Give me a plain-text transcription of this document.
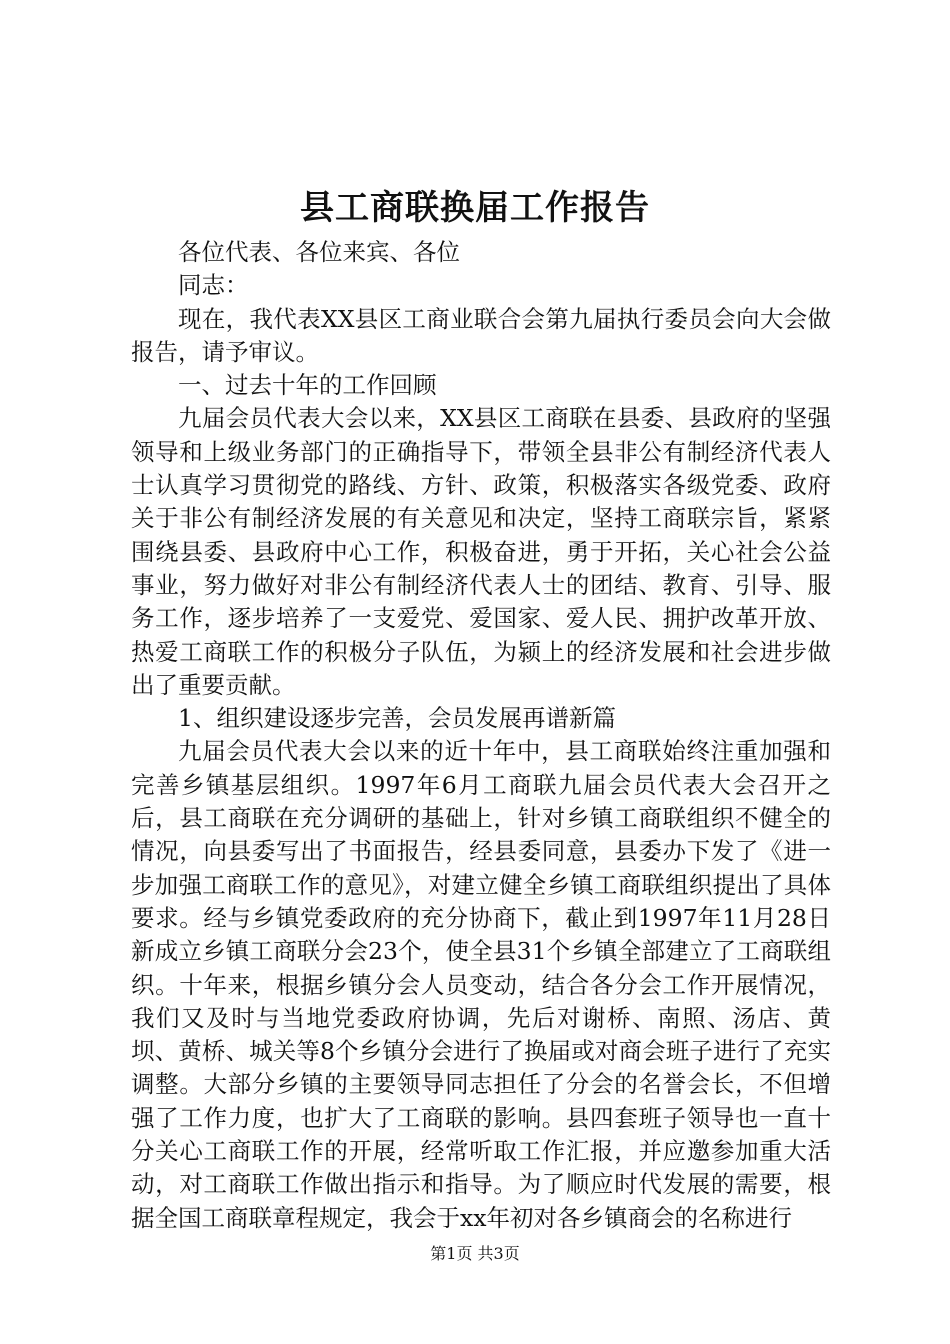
县工商联换届工作报告

各位代表、各位来宾、各位

同志：

现在，我代表XX县区工商业联合会第九届执行委员会向大会做报告，请予审议。

一、过去十年的工作回顾

九届会员代表大会以来，XX县区工商联在县委、县政府的坚强领导和上级业务部门的正确指导下，带领全县非公有制经济代表人士认真学习贯彻党的路线、方针、政策，积极落实各级党委、政府关于非公有制经济发展的有关意见和决定，坚持工商联宗旨，紧紧围绕县委、县政府中心工作，积极奋进，勇于开拓，关心社会公益事业，努力做好对非公有制经济代表人士的团结、教育、引导、服务工作，逐步培养了一支爱党、爱国家、爱人民、拥护改革开放、热爱工商联工作的积极分子队伍，为颍上的经济发展和社会进步做出了重要贡献。

1、组织建设逐步完善，会员发展再谱新篇

九届会员代表大会以来的近十年中，县工商联始终注重加强和完善乡镇基层组织。1997年6月工商联九届会员代表大会召开之后，县工商联在充分调研的基础上，针对乡镇工商联组织不健全的情况，向县委写出了书面报告，经县委同意，县委办下发了《进一步加强工商联工作的意见》，对建立健全乡镇工商联组织提出了具体要求。经与乡镇党委政府的充分协商下，截止到1997年11月28日新成立乡镇工商联分会23个，使全县31个乡镇全部建立了工商联组织。十年来，根据乡镇分会人员变动，结合各分会工作开展情况，我们又及时与当地党委政府协调，先后对谢桥、南照、汤店、黄坝、黄桥、城关等8个乡镇分会进行了换届或对商会班子进行了充实调整。大部分乡镇的主要领导同志担任了分会的名誉会长，不但增强了工作力度，也扩大了工商联的影响。县四套班子领导也一直十分关心工商联工作的开展，经常听取工作汇报，并应邀参加重大活动，对工商联工作做出指示和指导。为了顺应时代发展的需要，根据全国工商联章程规定，我会于xx年初对各乡镇商会的名称进行

第1页 共3页
